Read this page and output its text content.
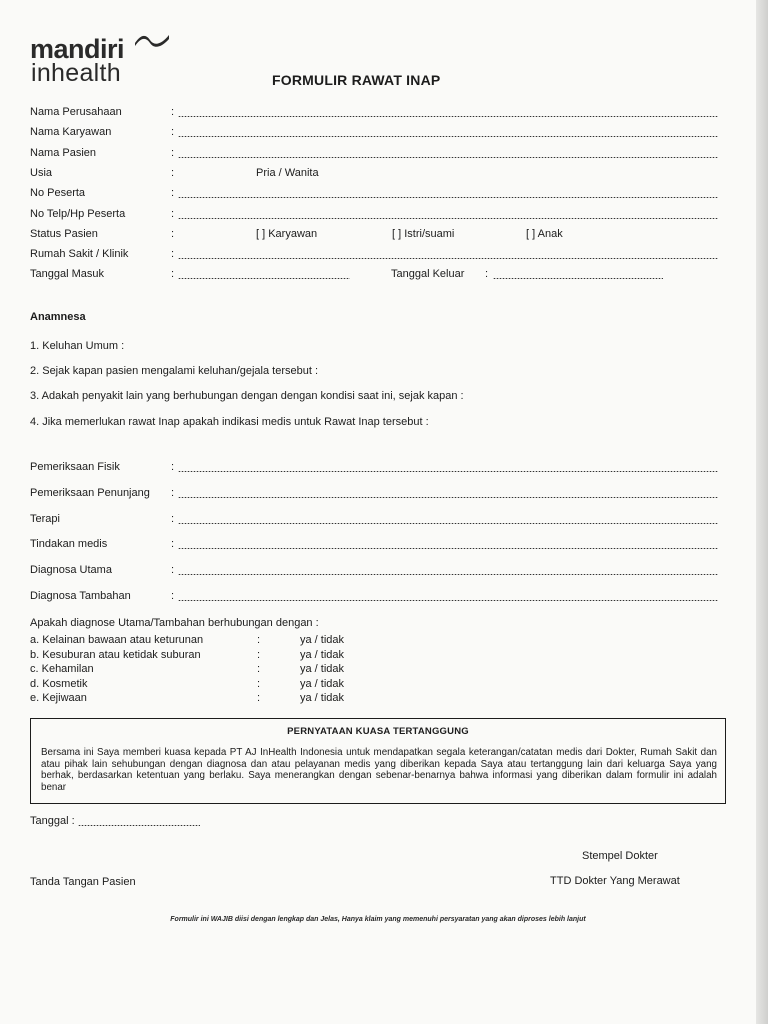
mandiri
inhealth	FORMULIR RAWAT INAP
Nama Perusahaan	:
Nama Karyawan	:
Nama Pasien	:
Usia	:	Pria / Wanita
No Peserta	:
No Telp/Hp Peserta	:
Status Pasien	:	[ ] Karyawan	[ ] Istri/suami	[ ] Anak
Rumah Sakit / Klinik	:
Tanggal Masuk	:	Tanggal Keluar :
Anamnesa
1. Keluhan Umum :
2. Sejak kapan pasien mengalami keluhan/gejala tersebut :
3. Adakah penyakit lain yang berhubungan dengan dengan kondisi saat ini, sejak kapan :
4. Jika memerlukan rawat Inap apakah indikasi medis untuk Rawat Inap tersebut :
Pemeriksaan Fisik	:
Pemeriksaan Penunjang :
Terapi	:
Tindakan medis	:
Diagnosa Utama	:
Diagnosa Tambahan	:
Apakah diagnose Utama/Tambahan berhubungan dengan :
a. Kelainan bawaan atau keturunan	:	ya / tidak
b. Kesuburan atau ketidak suburan	:	ya / tidak
c. Kehamilan	:	ya / tidak
d. Kosmetik	:	ya / tidak
e. Kejiwaan	:	ya / tidak
PERNYATAAN KUASA TERTANGGUNG
Bersama ini Saya memberi kuasa kepada PT AJ InHealth Indonesia untuk mendapatkan segala keterangan/catatan medis dari Dokter, Rumah Sakit dan atau pihak lain sehubungan dengan diagnosa dan atau pelayanan medis yang diberikan kepada Saya atau tertanggung lain dari keluarga Saya yang berhak, berdasarkan ketentuan yang berlaku. Saya menerangkan dengan sebenar-benarnya bahwa informasi yang diberikan dalam formulir ini adalah benar
Tanggal :
Stempel Dokter
Tanda Tangan Pasien	TTD Dokter Yang Merawat
Formulir ini WAJIB diisi dengan lengkap dan Jelas, Hanya klaim yang memenuhi persyaratan yang akan diproses lebih lanjut
